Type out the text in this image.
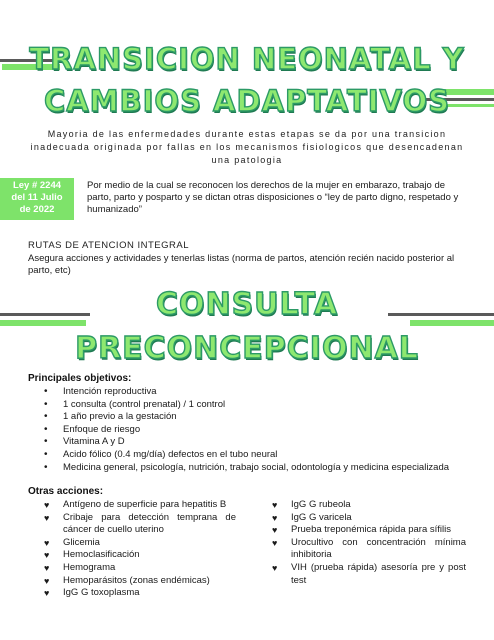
TRANSICION NEONATAL Y
CAMBIOS ADAPTATIVOS
Mayoria de las enfermedades durante estas etapas se da por una transicion inadecuada originada por fallas en los mecanismos fisiologicos que desencadenan una patologia
Ley # 2244
del 11 Julio
de 2022
Por medio de la cual se reconocen los derechos de la mujer en embarazo, trabajo de parto, parto y posparto y se dictan otras disposiciones o “ley de parto digno, respetado y humanizado”
RUTAS DE ATENCION INTEGRAL
Asegura acciones y actividades y tenerlas listas (norma de partos, atención recién nacido posterior al parto, etc)
CONSULTA
PRECONCEPCIONAL
Principales objetivos:
• Intención reproductiva
• 1 consulta (control prenatal) / 1 control
• 1 año previo a la gestación
• Enfoque de riesgo
• Vitamina A y D
• Acido fólico (0.4 mg/día) defectos en el tubo neural
• Medicina general, psicología, nutrición, trabajo social, odontología y medicina especializada
Otras acciones:
♥ Antígeno de superficie para hepatitis B
♥ Cribaje para detección temprana de cáncer de cuello uterino
♥ Glicemia
♥ Hemoclasificación
♥ Hemograma
♥ Hemoparásitos (zonas endémicas)
♥ IgG G toxoplasma
♥ IgG G rubeola
♥ IgG G varicela
♥ Prueba treponémica rápida para sífilis
♥ Urocultivo con concentración mínima inhibitoria
♥ VIH (prueba rápida) asesoría pre y post test
